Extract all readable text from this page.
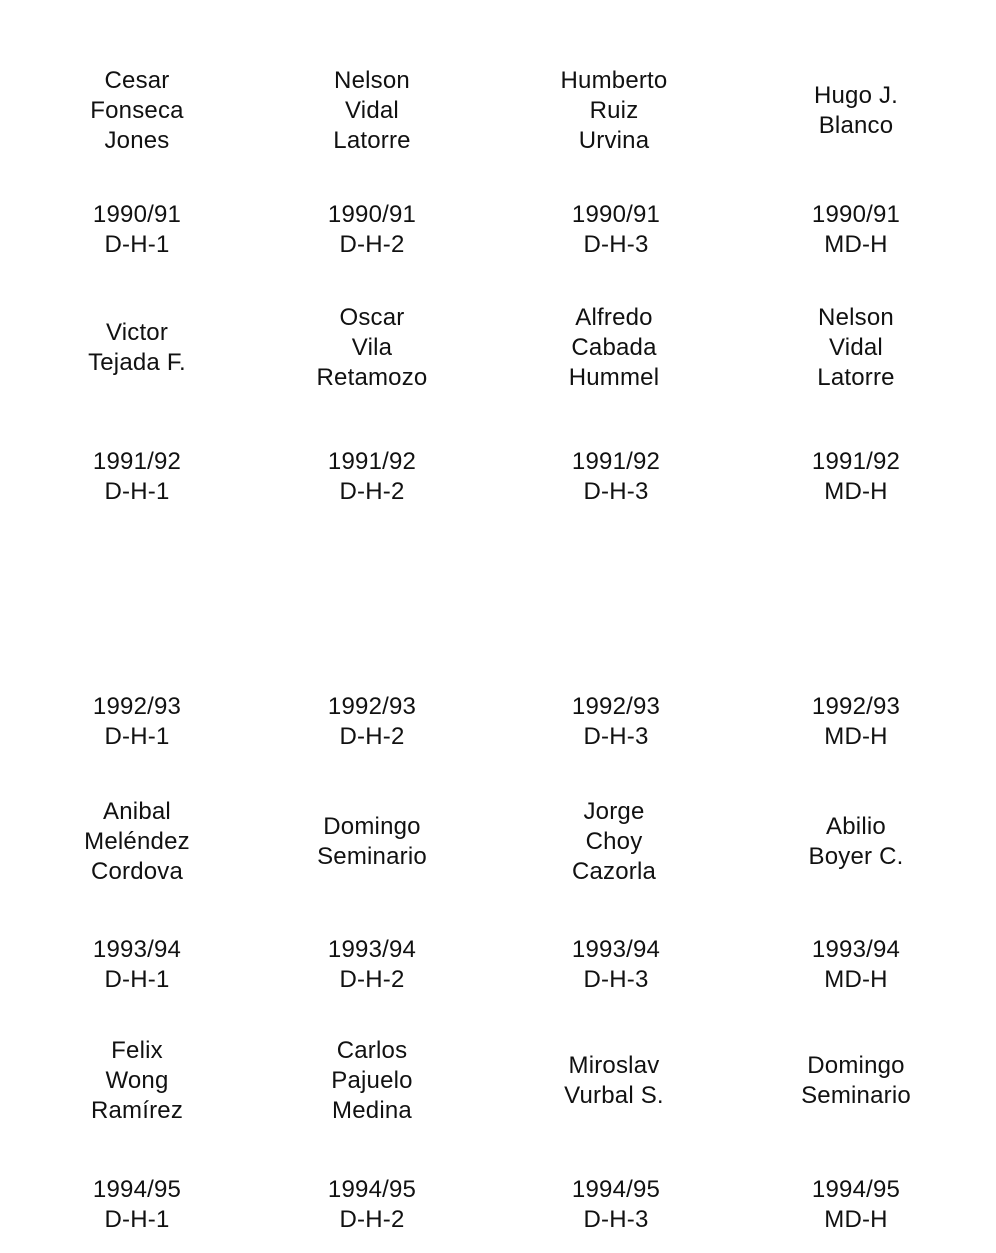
Cesar
Fonseca
Jones
Nelson
Vidal
Latorre
Humberto
Ruiz
Urvina
Hugo J.
Blanco
1990/91
D-H-1
1990/91
D-H-2
1990/91
D-H-3
1990/91
MD-H
Victor
Tejada F.
Oscar
Vila
Retamozo
Alfredo
Cabada
Hummel
Nelson
Vidal
Latorre
1991/92
D-H-1
1991/92
D-H-2
1991/92
D-H-3
1991/92
MD-H
1992/93
D-H-1
1992/93
D-H-2
1992/93
D-H-3
1992/93
MD-H
Anibal
Meléndez
Cordova
Domingo
Seminario
Jorge
Choy
Cazorla
Abilio
Boyer C.
1993/94
D-H-1
1993/94
D-H-2
1993/94
D-H-3
1993/94
MD-H
Felix
Wong
Ramírez
Carlos
Pajuelo
Medina
Miroslav
Vurbal S.
Domingo
Seminario
1994/95
D-H-1
1994/95
D-H-2
1994/95
D-H-3
1994/95
MD-H
